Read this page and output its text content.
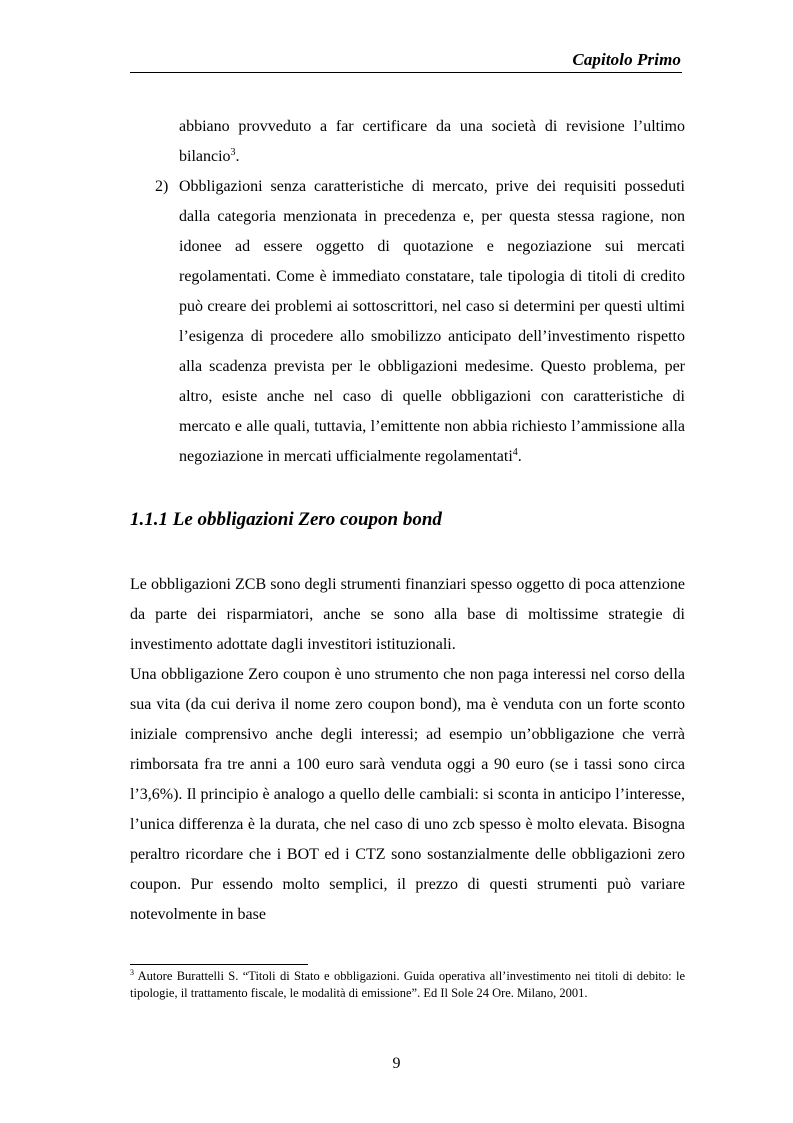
Capitolo Primo

abbiano provveduto a far certificare da una società di revisione l’ultimo bilancio$^3$.

2) Obbligazioni senza caratteristiche di mercato, prive dei requisiti posseduti dalla categoria menzionata in precedenza e, per questa stessa ragione, non idonee ad essere oggetto di quotazione e negoziazione sui mercati regolamentati. Come è immediato constatare, tale tipologia di titoli di credito può creare dei problemi ai sottoscrittori, nel caso si determini per questi ultimi l’esigenza di procedere allo smobilizzo anticipato dell’investimento rispetto alla scadenza prevista per le obbligazioni medesime. Questo problema, per altro, esiste anche nel caso di quelle obbligazioni con caratteristiche di mercato e alle quali, tuttavia, l’emittente non abbia richiesto l’ammissione alla negoziazione in mercati ufficialmente regolamentati$^4$.
1.1.1 Le obbligazioni Zero coupon bond

Le obbligazioni ZCB sono degli strumenti finanziari spesso oggetto di poca attenzione da parte dei risparmiatori, anche se sono alla base di moltissime strategie di investimento adottate dagli investitori istituzionali.

Una obbligazione Zero coupon è uno strumento che non paga interessi nel corso della sua vita (da cui deriva il nome zero coupon bond), ma è venduta con un forte sconto iniziale comprensivo anche degli interessi; ad esempio un’obbligazione che verrà rimborsata fra tre anni a 100 euro sarà venduta oggi a 90 euro (se i tassi sono circa l’3,6%). Il principio è analogo a quello delle cambiali: si sconta in anticipo l’interesse, l’unica differenza è la durata, che nel caso di uno zcb spesso è molto elevata. Bisogna peraltro ricordare che i BOT ed i CTZ sono sostanzialmente delle obbligazioni zero coupon. Pur essendo molto semplici, il prezzo di questi strumenti può variare notevolmente in base

$^3$ Autore Burattelli S. “Titoli di Stato e obbligazioni. Guida operativa all’investimento nei titoli di debito: le tipologie, il trattamento fiscale, le modalità di emissione”. Ed Il Sole 24 Ore. Milano, 2001.
9
